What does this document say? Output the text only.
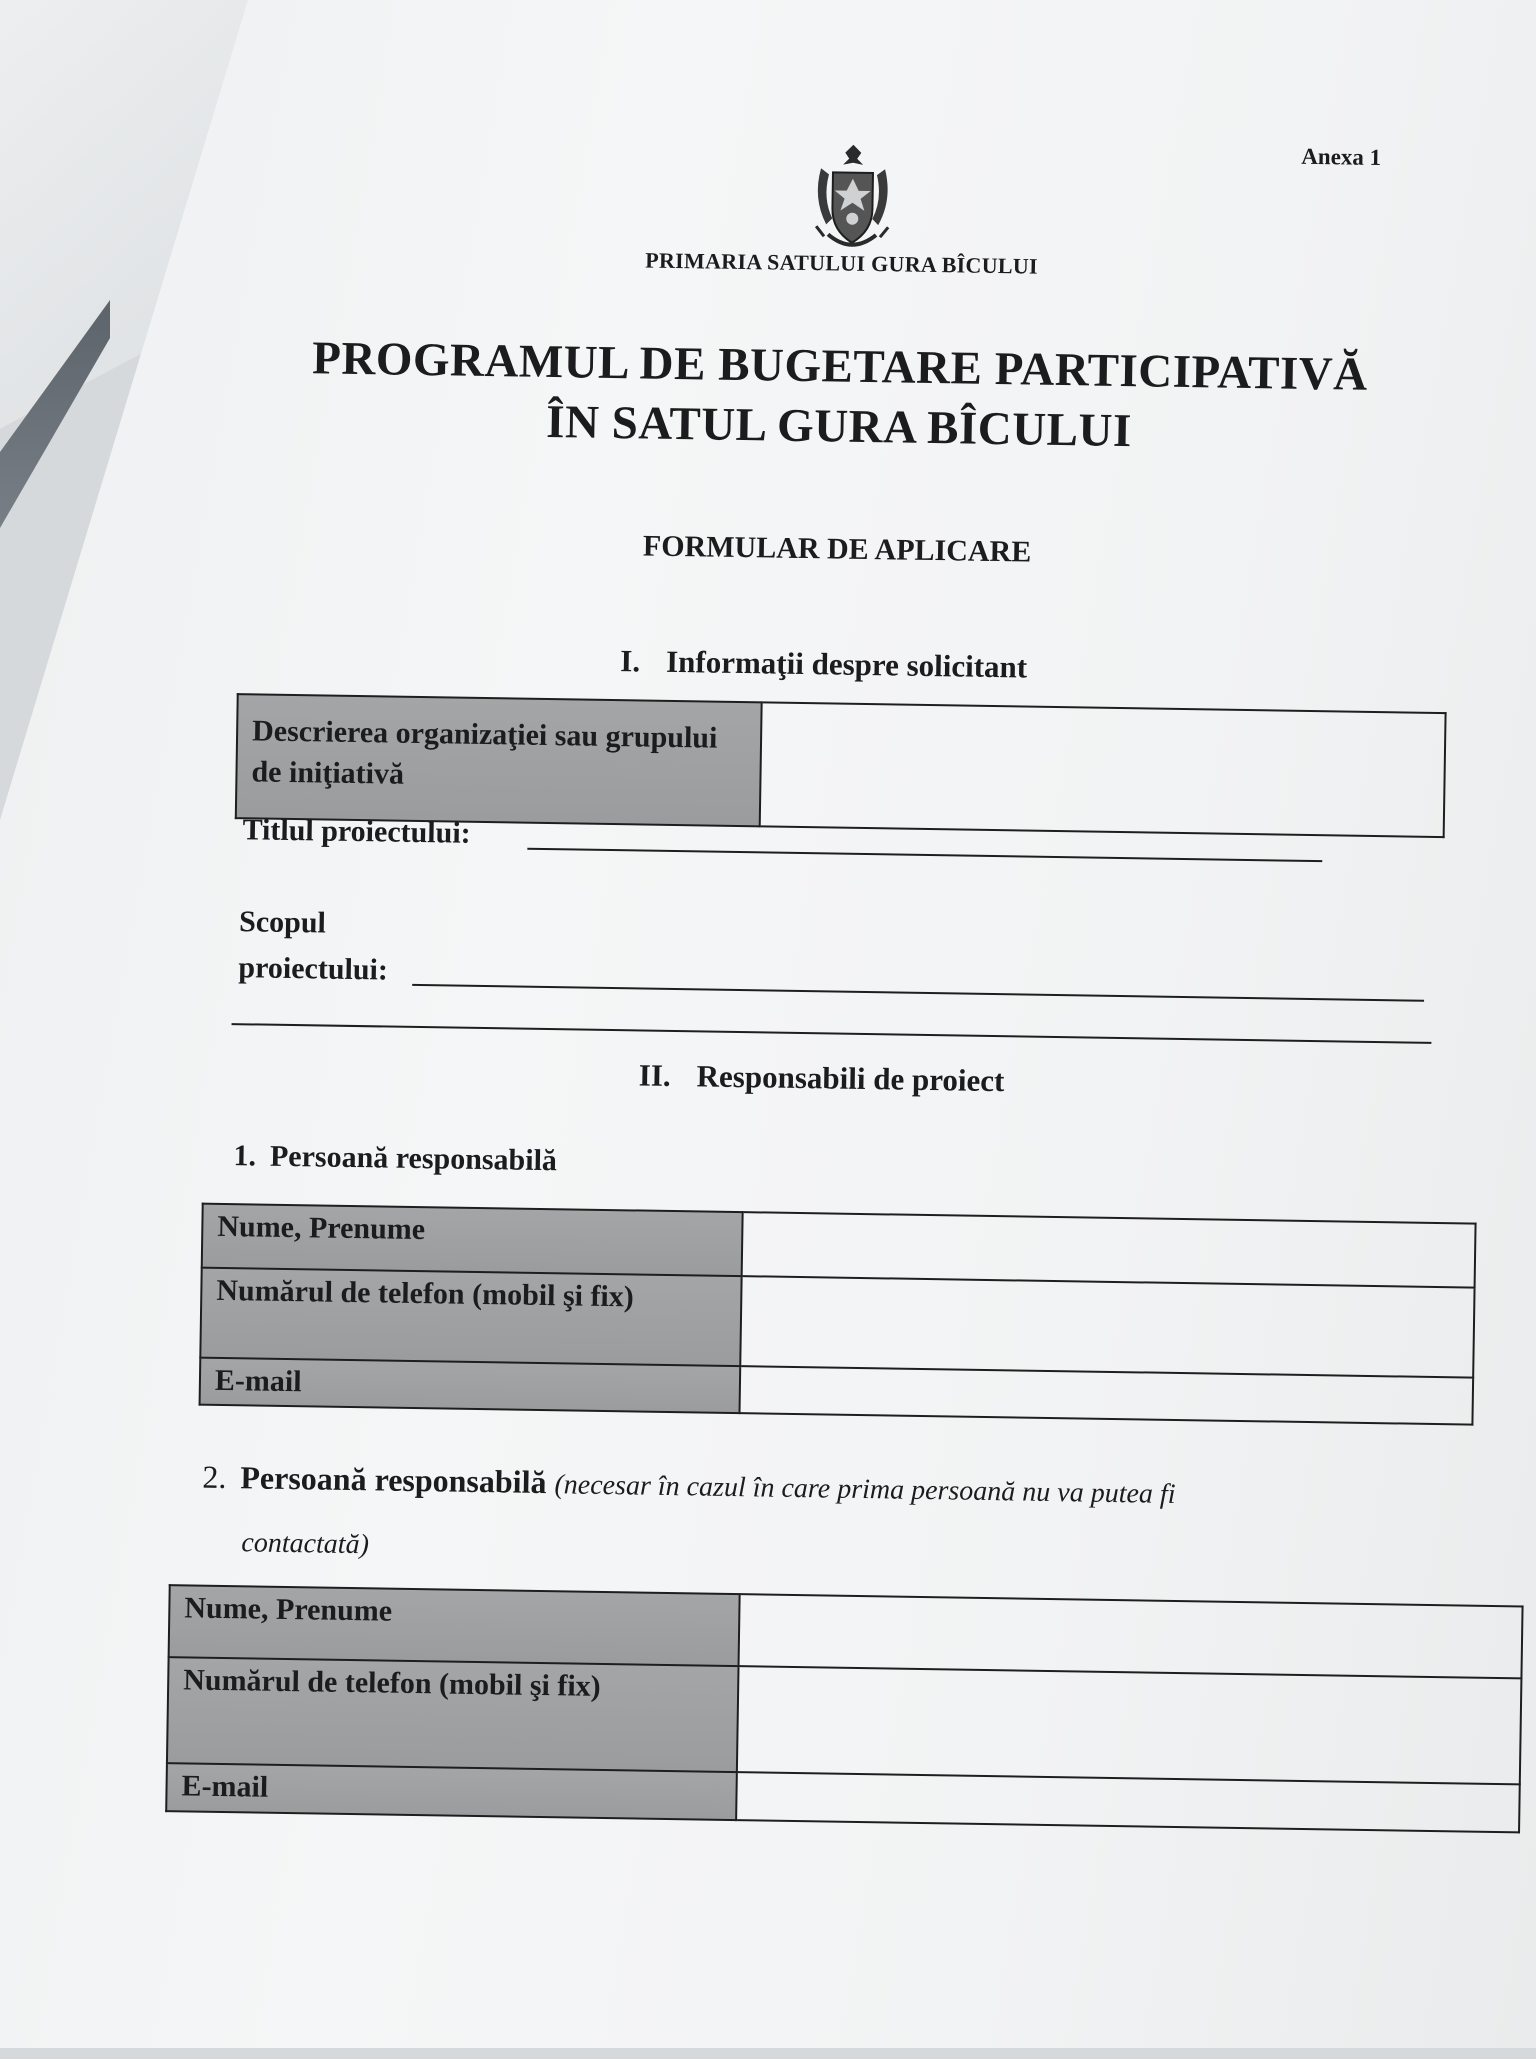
Anexa 1
PRIMARIA SATULUI GURA BÎCULUI
PROGRAMUL DE BUGETARE PARTICIPATIVĂ
ÎN SATUL GURA BÎCULUI
FORMULAR DE APLICARE
I. Informaţii despre solicitant
Descrierea organizaţiei sau grupului de iniţiativă	
Titlul proiectului:
Scopul
proiectului:
II. Responsabili de proiect
1. Persoană responsabilă
Nume, Prenume	
Numărul de telefon (mobil şi fix)	
E-mail	
2. Persoană responsabilă (necesar în cazul în care prima persoană nu va putea fi
contactată)
Nume, Prenume	
Numărul de telefon (mobil şi fix)	
E-mail	
